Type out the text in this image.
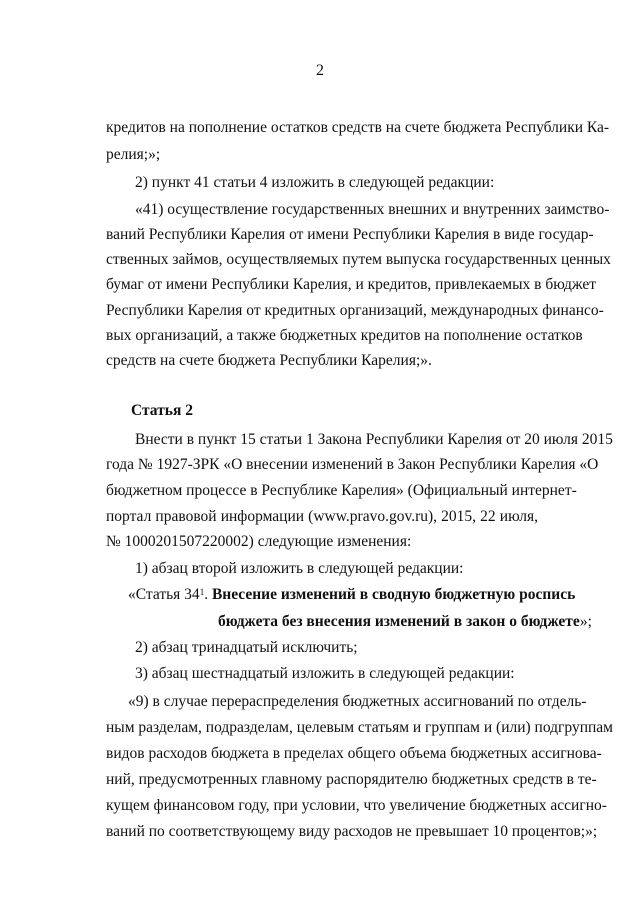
2
кредитов на пополнение остатков средств на счете бюджета Республики Ка-
релия;»;
2) пункт 41 статьи 4 изложить в следующей редакции:
«41) осуществление государственных внешних и внутренних заимство-
ваний Республики Карелия от имени Республики Карелия в виде государ-
ственных займов, осуществляемых путем выпуска государственных ценных
бумаг от имени Республики Карелия, и кредитов, привлекаемых в бюджет
Республики Карелия от кредитных организаций, международных финансо-
вых организаций, а также бюджетных кредитов на пополнение остатков
средств на счете бюджета Республики Карелия;».
Статья 2
Внести в пункт 15 статьи 1 Закона Республики Карелия от 20 июля 2015
года № 1927-ЗРК «О внесении изменений в Закон Республики Карелия «О
бюджетном процессе в Республике Карелия» (Официальный интернет-
портал правовой информации (www.pravo.gov.ru), 2015, 22 июля,
№ 1000201507220002) следующие изменения:
1) абзац второй изложить в следующей редакции:
«Статья $34^1$. Внесение изменений в сводную бюджетную роспись
бюджета без внесения изменений в закон о бюджете»;
2) абзац тринадцатый исключить;
3) абзац шестнадцатый изложить в следующей редакции:
«9) в случае перераспределения бюджетных ассигнований по отдель-
ным разделам, подразделам, целевым статьям и группам и (или) подгруппам
видов расходов бюджета в пределах общего объема бюджетных ассигнова-
ний, предусмотренных главному распорядителю бюджетных средств в те-
кущем финансовом году, при условии, что увеличение бюджетных ассигно-
ваний по соответствующему виду расходов не превышает 10 процентов;»;
